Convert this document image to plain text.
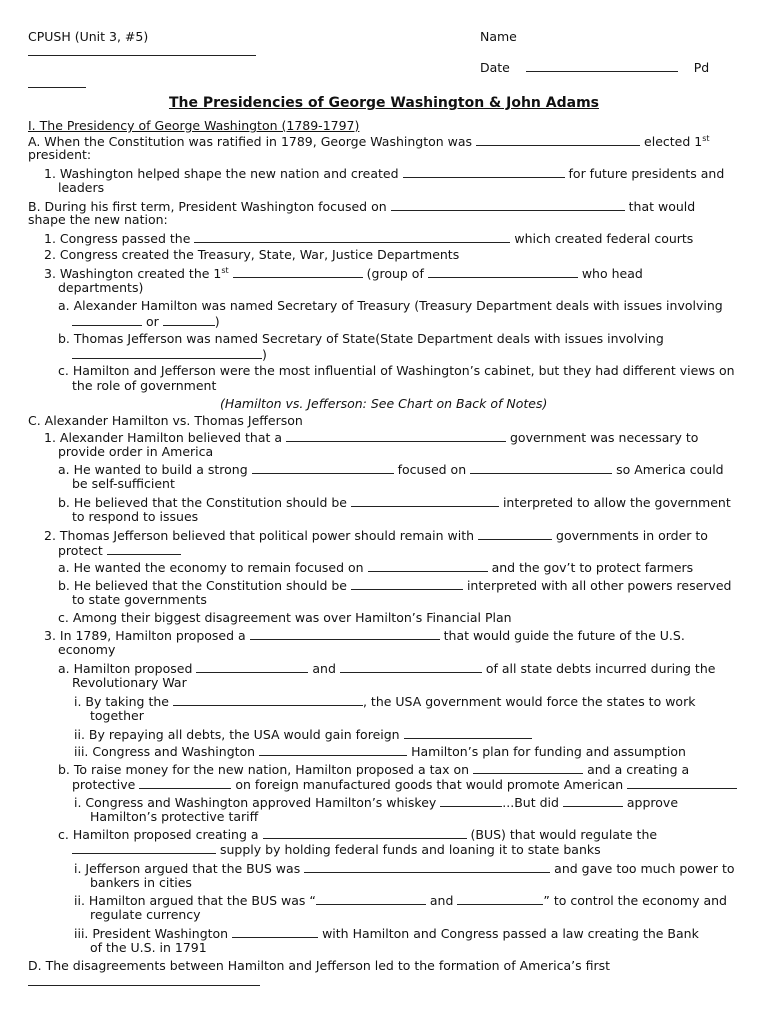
CPUSH (Unit 3, #5)	Name
Date	Pd
The Presidencies of George Washington & John Adams
I. The Presidency of George Washington (1789-1797)
A. When the Constitution was ratified in 1789, George Washington was	elected 1st
president:
1. Washington helped shape the new nation and created	for future presidents and
leaders
B. During his first term, President Washington focused on	that would
shape the new nation:
1. Congress passed the	which created federal courts
2. Congress created the Treasury, State, War, Justice Departments
3. Washington created the 1st	(group of	who head
departments)
a. Alexander Hamilton was named Secretary of Treasury (Treasury Department deals with issues involving
or	)
b. Thomas Jefferson was named Secretary of State(State Department deals with issues involving
)
c. Hamilton and Jefferson were the most influential of Washington’s cabinet, but they had different views on
the role of government
(Hamilton vs. Jefferson: See Chart on Back of Notes)
C. Alexander Hamilton vs. Thomas Jefferson
1. Alexander Hamilton believed that a	government was necessary to
provide order in America
a. He wanted to build a strong	focused on	so America could
be self-sufficient
b. He believed that the Constitution should be	interpreted to allow the government
to respond to issues
2. Thomas Jefferson believed that political power should remain with	governments in order to
protect
a. He wanted the economy to remain focused on	and the gov’t to protect farmers
b. He believed that the Constitution should be	interpreted with all other powers reserved
to state governments
c. Among their biggest disagreement was over Hamilton’s Financial Plan
3. In 1789, Hamilton proposed a	that would guide the future of the U.S.
economy
a. Hamilton proposed	and	of all state debts incurred during the
Revolutionary War
i. By taking the	, the USA government would force the states to work
together
ii. By repaying all debts, the USA would gain foreign
iii. Congress and Washington	Hamilton’s plan for funding and assumption
b. To raise money for the new nation, Hamilton proposed a tax on	and a creating a
protective	on foreign manufactured goods that would promote American
i. Congress and Washington approved Hamilton’s whiskey	...But did	approve
Hamilton’s protective tariff
c. Hamilton proposed creating a	(BUS) that would regulate the
supply by holding federal funds and loaning it to state banks
i. Jefferson argued that the BUS was	and gave too much power to
bankers in cities
ii. Hamilton argued that the BUS was “	and	” to control the economy and
regulate currency
iii. President Washington	with Hamilton and Congress passed a law creating the Bank
of the U.S. in 1791
D. The disagreements between Hamilton and Jefferson led to the formation of America’s first
